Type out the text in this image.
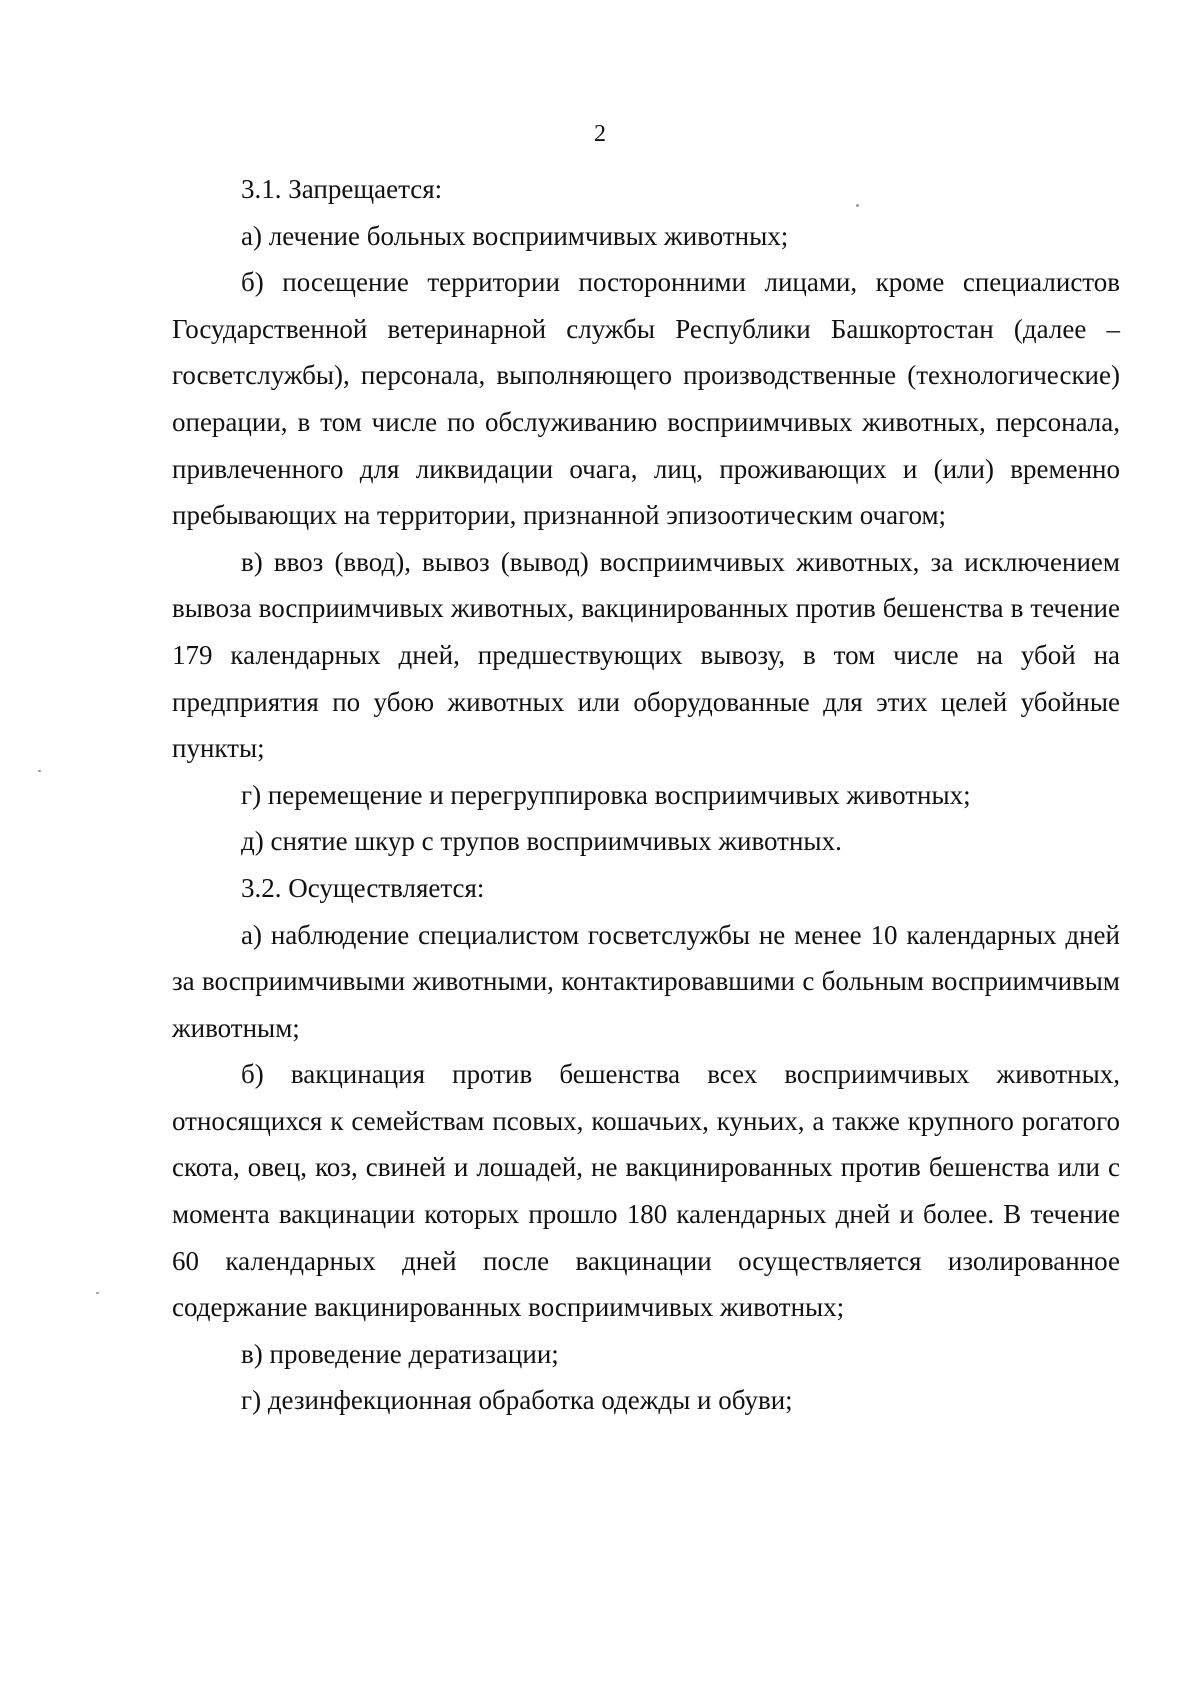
2

3.1. Запрещается:

а) лечение больных восприимчивых животных;

б) посещение территории посторонними лицами, кроме специалистов Государственной ветеринарной службы Республики Башкортостан (далее – госветслужбы), персонала, выполняющего производственные (технологические) операции, в том числе по обслуживанию восприимчивых животных, персонала, привлеченного для ликвидации очага, лиц, проживающих и (или) временно пребывающих на территории, признанной эпизоотическим очагом;

в) ввоз (ввод), вывоз (вывод) восприимчивых животных, за исключением вывоза восприимчивых животных, вакцинированных против бешенства в течение 179 календарных дней, предшествующих вывозу, в том числе на убой на предприятия по убою животных или оборудованные для этих целей убойные пункты;

г) перемещение и перегруппировка восприимчивых животных;

д) снятие шкур с трупов восприимчивых животных.

3.2. Осуществляется:

а) наблюдение специалистом госветслужбы не менее 10 календарных дней за восприимчивыми животными, контактировавшими с больным восприимчивым животным;

б) вакцинация против бешенства всех восприимчивых животных, относящихся к семействам псовых, кошачьих, куньих, а также крупного рогатого скота, овец, коз, свиней и лошадей, не вакцинированных против бешенства или с момента вакцинации которых прошло 180 календарных дней и более. В течение 60 календарных дней после вакцинации осуществляется изолированное содержание вакцинированных восприимчивых животных;

в) проведение дератизации;

г) дезинфекционная обработка одежды и обуви;
